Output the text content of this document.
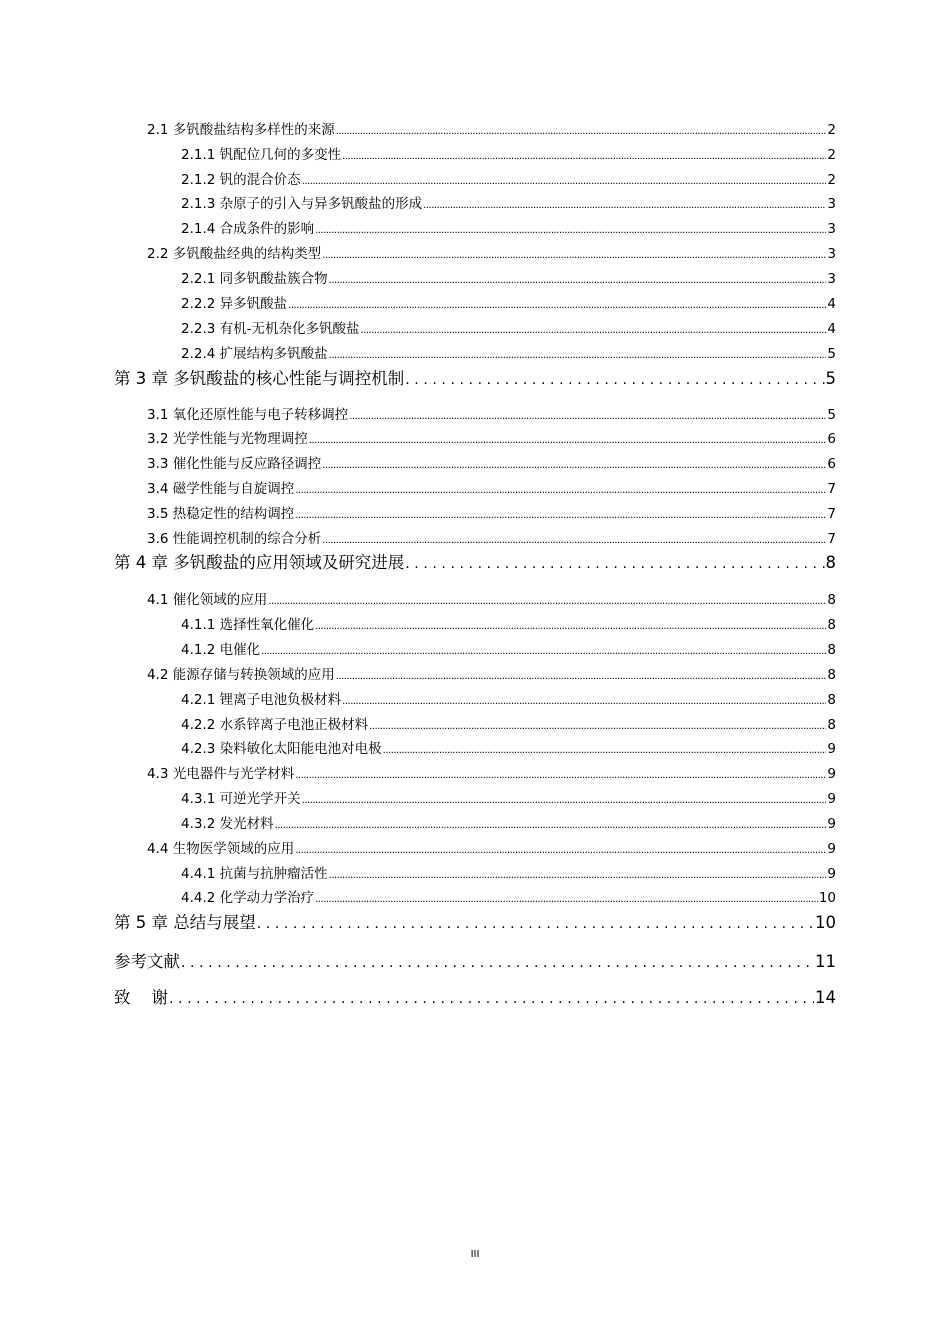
2.1 多钒酸盐结构多样性的来源 .....	2
2.1.1 钒配位几何的多变性 .....	2
2.1.2 钒的混合价态 .....	2
2.1.3 杂原子的引入与异多钒酸盐的形成 .....	3
2.1.4 合成条件的影响 .....	3
2.2 多钒酸盐经典的结构类型 .....	3
2.2.1 同多钒酸盐簇合物 .....	3
2.2.2 异多钒酸盐 .....	4
2.2.3 有机-无机杂化多钒酸盐 .....	4
2.2.4 扩展结构多钒酸盐 .....	5
第 3 章 多钒酸盐的核心性能与调控机制 .....	5
3.1 氧化还原性能与电子转移调控 .....	5
3.2 光学性能与光物理调控 .....	6
3.3 催化性能与反应路径调控 .....	6
3.4 磁学性能与自旋调控 .....	7
3.5 热稳定性的结构调控 .....	7
3.6 性能调控机制的综合分析 .....	7
第 4 章 多钒酸盐的应用领域及研究进展 .....	8
4.1 催化领域的应用 .....	8
4.1.1 选择性氧化催化 .....	8
4.1.2 电催化 .....	8
4.2 能源存储与转换领域的应用 .....	8
4.2.1 锂离子电池负极材料 .....	8
4.2.2 水系锌离子电池正极材料 .....	8
4.2.3 染料敏化太阳能电池对电极 .....	9
4.3 光电器件与光学材料 .....	9
4.3.1 可逆光学开关 .....	9
4.3.2 发光材料 .....	9
4.4 生物医学领域的应用 .....	9
4.4.1 抗菌与抗肿瘤活性 .....	9
4.4.2 化学动力学治疗 .....	10
第 5 章 总结与展望 .....	10
参考文献 .....	11
致    谢 .....	14
III
